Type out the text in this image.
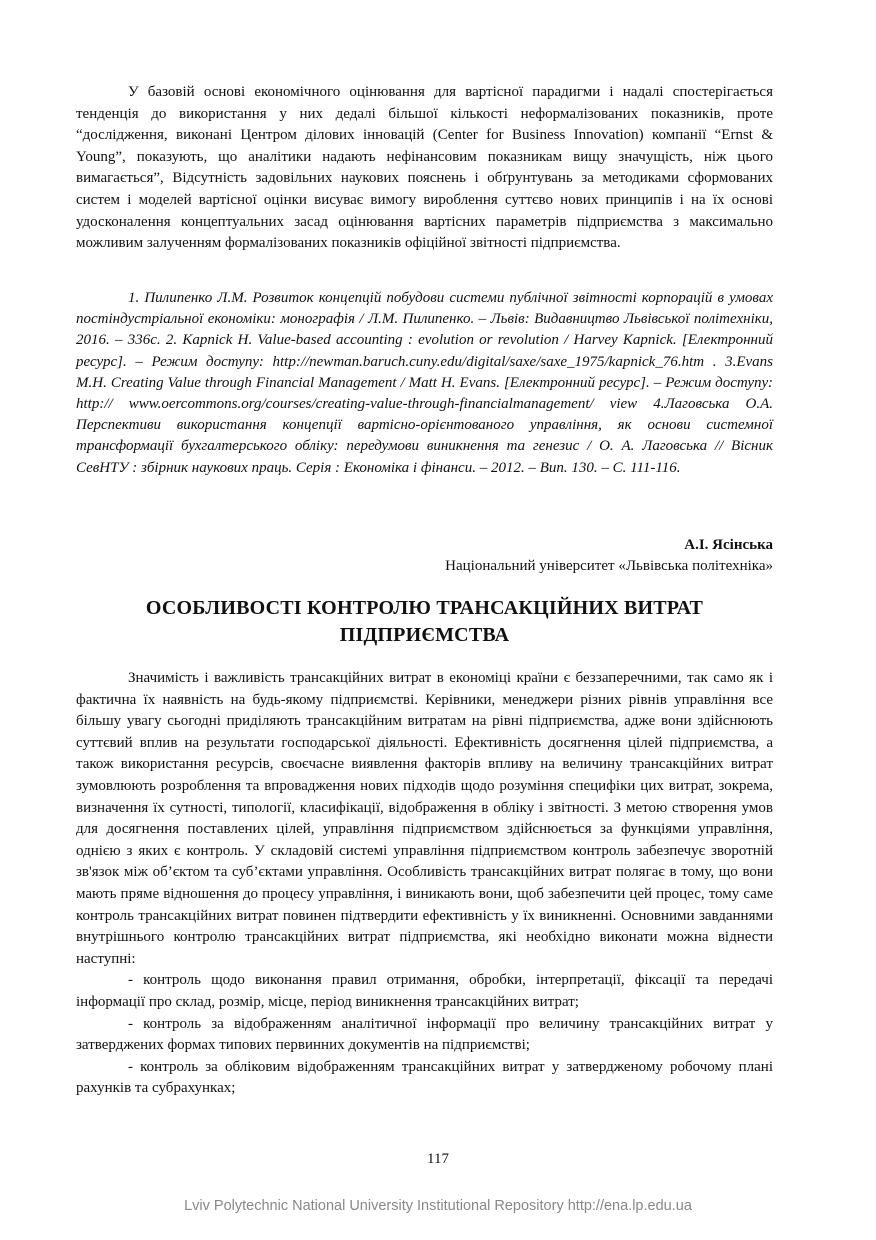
У базовій основі економічного оцінювання для вартісної парадигми і надалі спостерігається тенденція до використання у них дедалі більшої кількості неформалізованих показників, проте “дослідження, виконані Центром ділових інновацій (Center for Business Innovation) компанії “Ernst & Young”, показують, що аналітики надають нефінансовим показникам вищу значущість, ніж цього вимагається”, Відсутність задовільних наукових пояснень і обґрунтувань за методиками сформованих систем і моделей вартісної оцінки висуває вимогу вироблення суттєво нових принципів і на їх основі удосконалення концептуальних засад оцінювання вартісних параметрів підприємства з максимально можливим залученням формалізованих показників офіційної звітності підприємства.

1. Пилипенко Л.М. Розвиток концепцій побудови системи публічної звітності корпорацій в умовах постіндустріальної економіки: монографія / Л.М. Пилипенко. – Львів: Видавництво Львівської політехніки, 2016. – 336с. 2. Kapnick H. Value-based accounting : evolution or revolution / Harvey Kapnick. [Електронний ресурс]. – Режим доступу: http://newman.baruch.cuny.edu/digital/saxe/saxe_1975/kapnick_76.htm . 3.Evans M.H. Creating Value through Financial Management / Matt H. Evans. [Електронний ресурс]. – Режим доступу: http:// www.oercommons.org/courses/creating-value-through-financialmanagement/ view 4.Лаговська О.А. Перспективи використання концепції вартісно-орієнтованого управління, як основи системної трансформації бухгалтерського обліку: передумови виникнення та генезис / О. А. Лаговська // Вісник СевНТУ : збірник наукових праць. Серія : Економіка і фінанси. – 2012. – Вип. 130. – С. 111-116.

А.І. Ясінська

Національний університет «Львівська політехніка»

ОСОБЛИВОСТІ КОНТРОЛЮ ТРАНСАКЦІЙНИХ ВИТРАТ

ПІДПРИЄМСТВА

Значимість і важливість трансакційних витрат в економіці країни є беззаперечними, так само як і фактична їх наявність на будь-якому підприємстві. Керівники, менеджери різних рівнів управління все більшу увагу сьогодні приділяють трансакційним витратам на рівні підприємства, адже вони здійснюють суттєвий вплив на результати господарської діяльності. Ефективність досягнення цілей підприємства, а також використання ресурсів, своєчасне виявлення факторів впливу на величину трансакційних витрат зумовлюють розроблення та впровадження нових підходів щодо розуміння специфіки цих витрат, зокрема, визначення їх сутності, типології, класифікації, відображення в обліку і звітності. З метою створення умов для досягнення поставлених цілей, управління підприємством здійснюється за функціями управління, однією з яких є контроль. У складовій системі управління підприємством контроль забезпечує зворотній зв'язок між об’єктом та суб’єктами управління. Особливість трансакційних витрат полягає в тому, що вони мають пряме відношення до процесу управління, і виникають вони, щоб забезпечити цей процес, тому саме контроль трансакційних витрат повинен підтвердити ефективність у їх виникненні. Основними завданнями внутрішнього контролю трансакційних витрат підприємства, які необхідно виконати можна віднести наступні:

- контроль щодо виконання правил отримання, обробки, інтерпретації, фіксації та передачі інформації про склад, розмір, місце, період виникнення трансакційних витрат;

- контроль за відображенням аналітичної інформації про величину трансакційних витрат у затверджених формах типових первинних документів на підприємстві;

- контроль за обліковим відображенням трансакційних витрат у затвердженому робочому плані рахунків та субрахунках;

117
Lviv Polytechnic National University Institutional Repository http://ena.lp.edu.ua
